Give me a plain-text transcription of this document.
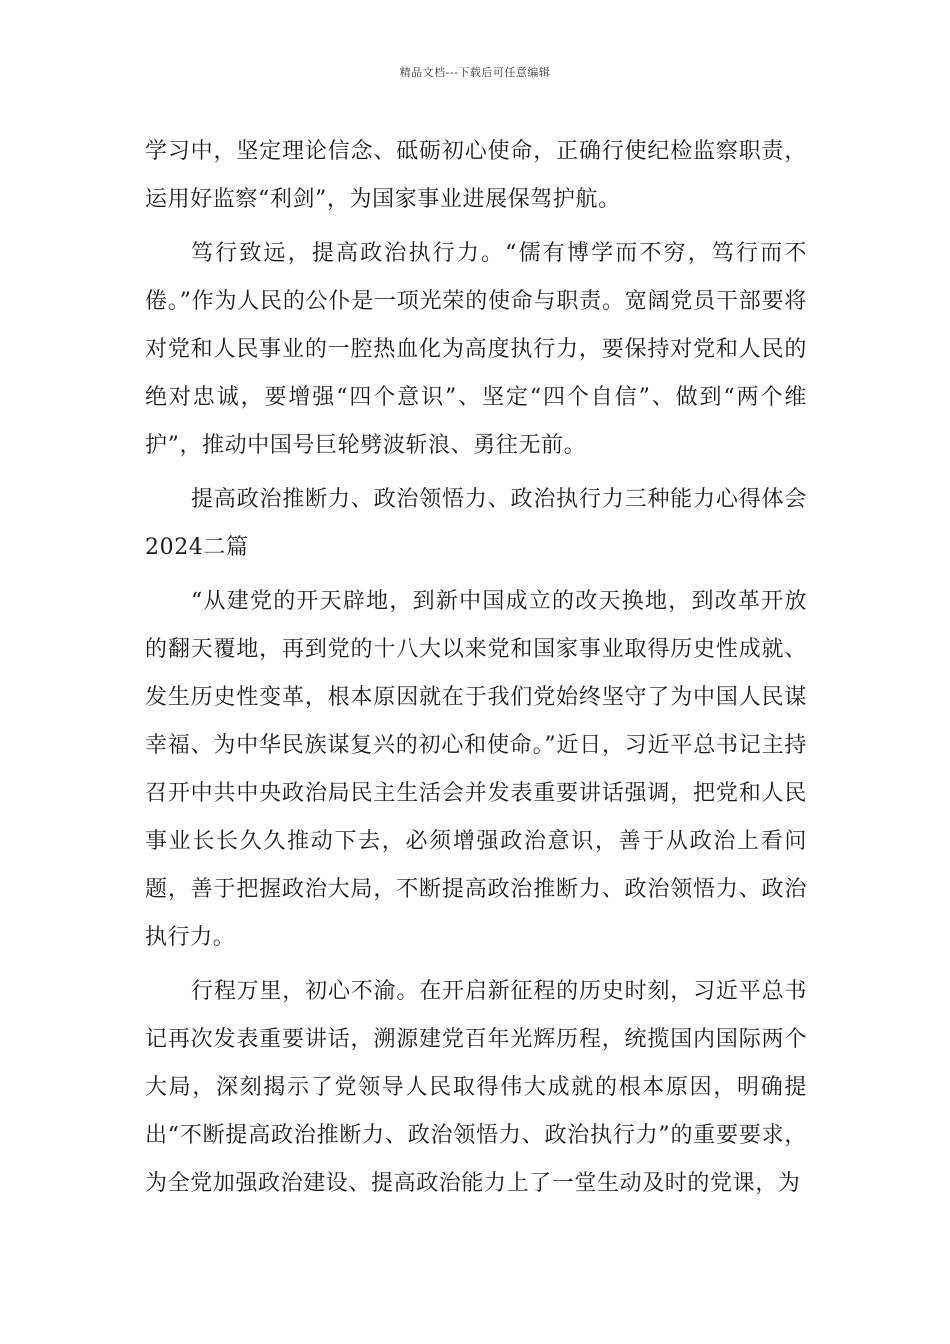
精品文档---下载后可任意编辑

学习中，坚定理论信念、砥砺初心使命，正确行使纪检监察职责，运用好监察“利剑”，为国家事业进展保驾护航。

笃行致远，提高政治执行力。“儒有博学而不穷，笃行而不倦。”作为人民的公仆是一项光荣的使命与职责。宽阔党员干部要将对党和人民事业的一腔热血化为高度执行力，要保持对党和人民的绝对忠诚，要增强“四个意识”、坚定“四个自信”、做到“两个维护”，推动中国号巨轮劈波斩浪、勇往无前。

提高政治推断力、政治领悟力、政治执行力三种能力心得体会2024二篇

“从建党的开天辟地，到新中国成立的改天换地，到改革开放的翻天覆地，再到党的十八大以来党和国家事业取得历史性成就、发生历史性变革，根本原因就在于我们党始终坚守了为中国人民谋幸福、为中华民族谋复兴的初心和使命。”近日，习近平总书记主持召开中共中央政治局民主生活会并发表重要讲话强调，把党和人民事业长长久久推动下去，必须增强政治意识，善于从政治上看问题，善于把握政治大局，不断提高政治推断力、政治领悟力、政治执行力。

行程万里，初心不渝。在开启新征程的历史时刻，习近平总书记再次发表重要讲话，溯源建党百年光辉历程，统揽国内国际两个大局，深刻揭示了党领导人民取得伟大成就的根本原因，明确提出“不断提高政治推断力、政治领悟力、政治执行力”的重要要求，为全党加强政治建设、提高政治能力上了一堂生动及时的党课，为
